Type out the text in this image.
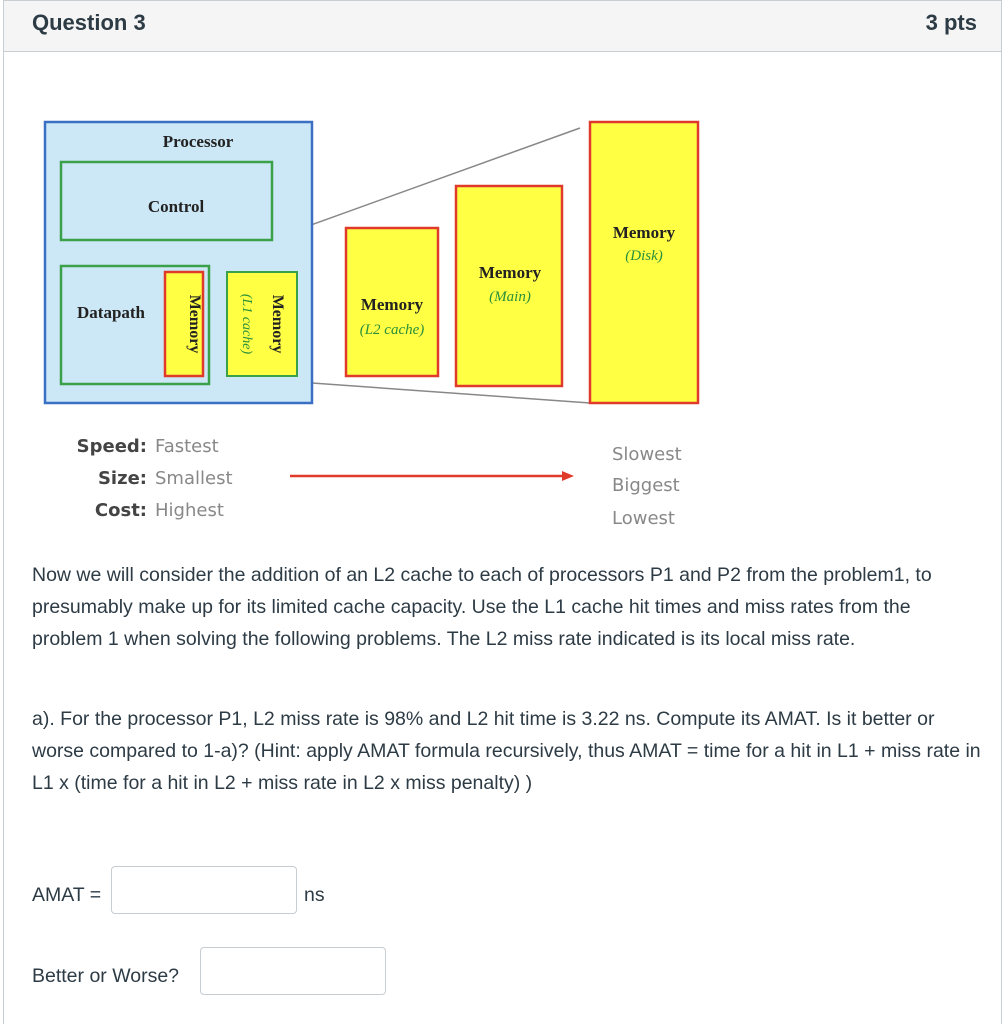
Question 3	3 pts
Processor
Control
Datapath	Memory	(L1 cache) Memory	Memory
(L2 cache)
Memory
(Main)
Memory
(Disk)
Speed: Fastest
Size: Smallest
Cost: Highest
Slowest
Biggest
Lowest

Now we will consider the addition of an L2 cache to each of processors P1 and P2 from the problem1, to presumably make up for its limited cache capacity. Use the L1 cache hit times and miss rates from the problem 1 when solving the following problems. The L2 miss rate indicated is its local miss rate.

a). For the processor P1, L2 miss rate is 98% and L2 hit time is 3.22 ns. Compute its AMAT. Is it better or worse compared to 1-a)? (Hint: apply AMAT formula recursively, thus AMAT = time for a hit in L1 + miss rate in L1 x (time for a hit in L2 + miss rate in L2 x miss penalty) )

AMAT =	ns
Better or Worse?
